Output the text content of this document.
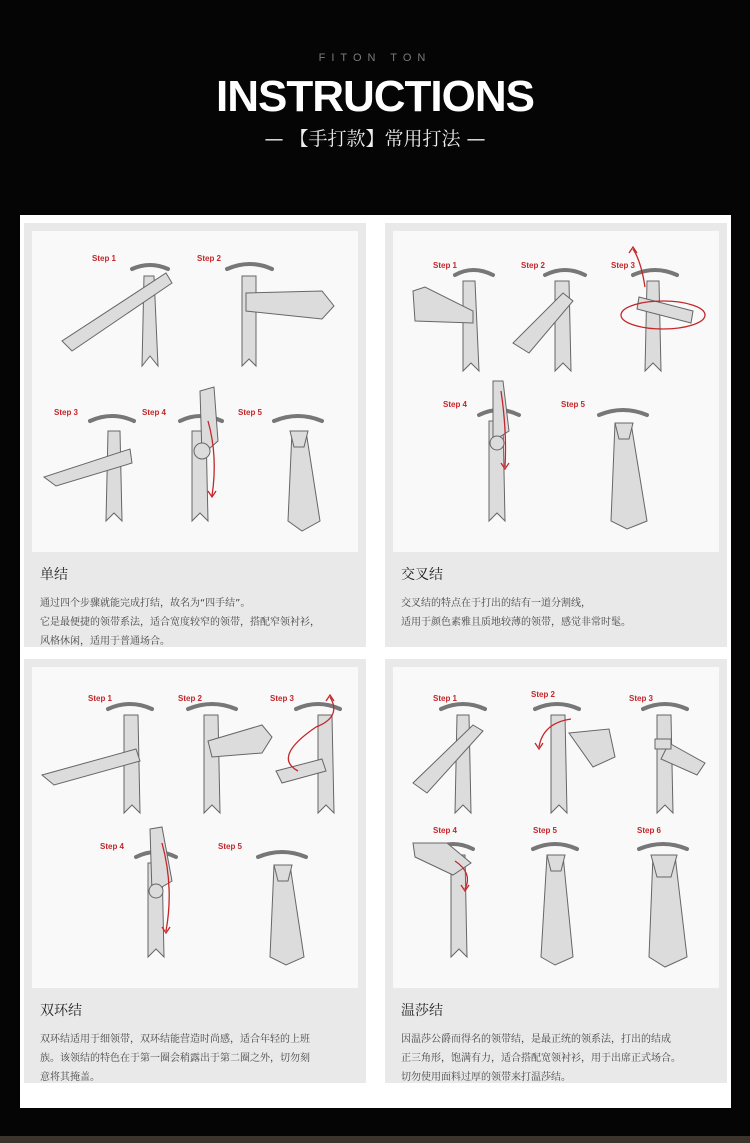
FITON TON
INSTRUCTIONS
— 【手打款】常用打法 —
Step 1	Step 2
Step 3	Step 4	Step 5
单结
通过四个步骤就能完成打结，故名为“四手结”。
它是最便捷的领带系法，适合宽度较窄的领带，搭配窄领衬衫，
风格休闲，适用于普通场合。
Step 1	Step 2	Step 3
Step 4	Step 5
交叉结
交叉结的特点在于打出的结有一道分割线，
适用于颜色素雅且质地较薄的领带，感觉非常时髦。
Step 1	Step 2	Step 3
Step 4	Step 5
双环结
双环结适用于细领带，双环结能营造时尚感，适合年轻的上班
族。该领结的特色在于第一圈会稍露出于第二圈之外，切勿刻
意将其掩盖。
Step 1	Step 2	Step 3
Step 4	Step 5	Step 6
温莎结
因温莎公爵而得名的领带结，是最正统的领系法，打出的结成
正三角形，饱满有力，适合搭配宽领衬衫，用于出席正式场合。
切勿使用面料过厚的领带来打温莎结。
